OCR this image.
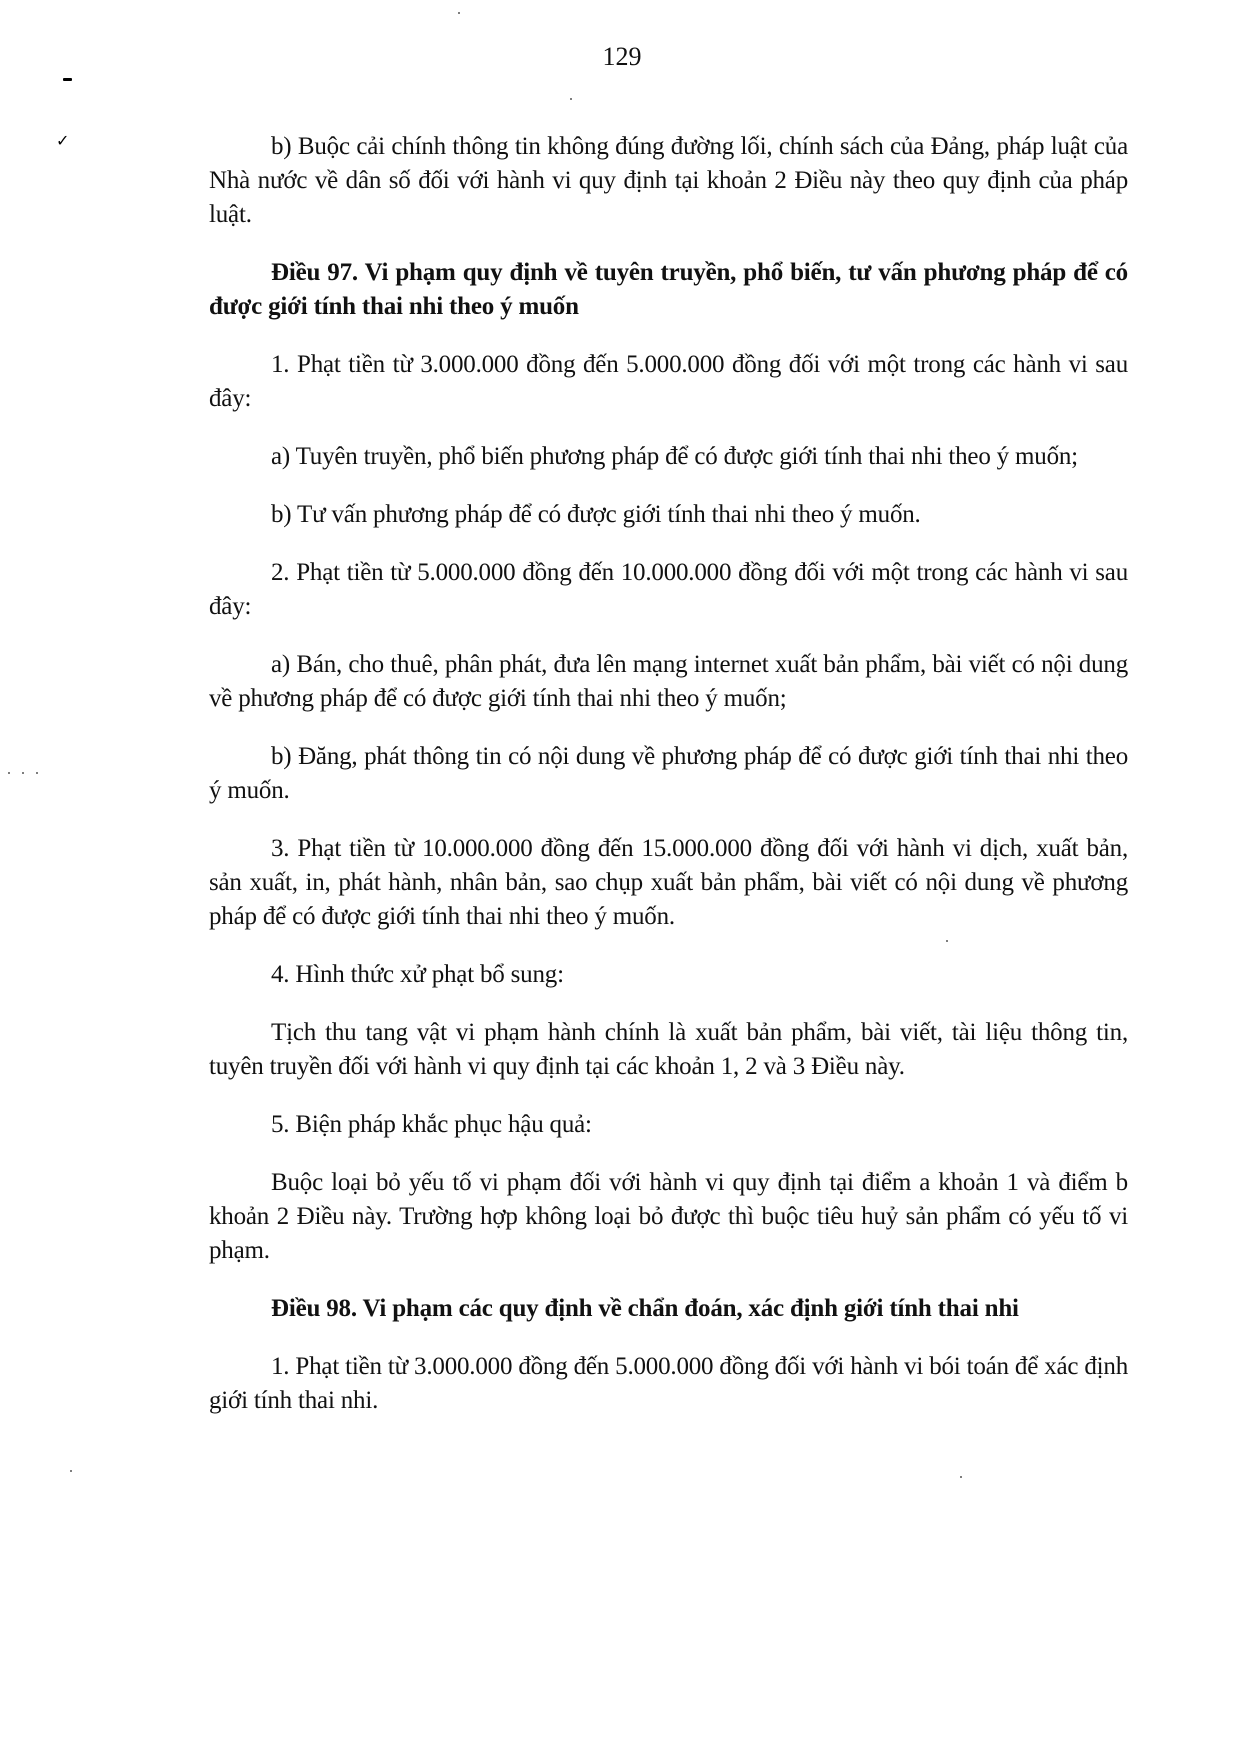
129
✓	b) Buộc cải chính thông tin không đúng đường lối, chính sách của Đảng, pháp luật của Nhà nước về dân số đối với hành vi quy định tại khoản 2 Điều này theo quy định của pháp luật.

Điều 97. Vi phạm quy định về tuyên truyền, phổ biến, tư vấn phương pháp để có được giới tính thai nhi theo ý muốn

1. Phạt tiền từ 3.000.000 đồng đến 5.000.000 đồng đối với một trong các hành vi sau đây:

a) Tuyên truyền, phổ biến phương pháp để có được giới tính thai nhi theo ý muốn;

b) Tư vấn phương pháp để có được giới tính thai nhi theo ý muốn.

2. Phạt tiền từ 5.000.000 đồng đến 10.000.000 đồng đối với một trong các hành vi sau đây:

a) Bán, cho thuê, phân phát, đưa lên mạng internet xuất bản phẩm, bài viết có nội dung về phương pháp để có được giới tính thai nhi theo ý muốn;

b) Đăng, phát thông tin có nội dung về phương pháp để có được giới tính thai nhi theo ý muốn.

3. Phạt tiền từ 10.000.000 đồng đến 15.000.000 đồng đối với hành vi dịch, xuất bản, sản xuất, in, phát hành, nhân bản, sao chụp xuất bản phẩm, bài viết có nội dung về phương pháp để có được giới tính thai nhi theo ý muốn.

4. Hình thức xử phạt bổ sung:

Tịch thu tang vật vi phạm hành chính là xuất bản phẩm, bài viết, tài liệu thông tin, tuyên truyền đối với hành vi quy định tại các khoản 1, 2 và 3 Điều này.

5. Biện pháp khắc phục hậu quả:

Buộc loại bỏ yếu tố vi phạm đối với hành vi quy định tại điểm a khoản 1 và điểm b khoản 2 Điều này. Trường hợp không loại bỏ được thì buộc tiêu huỷ sản phẩm có yếu tố vi phạm.

Điều 98. Vi phạm các quy định về chẩn đoán, xác định giới tính thai nhi

1. Phạt tiền từ 3.000.000 đồng đến 5.000.000 đồng đối với hành vi bói toán để xác định giới tính thai nhi.
